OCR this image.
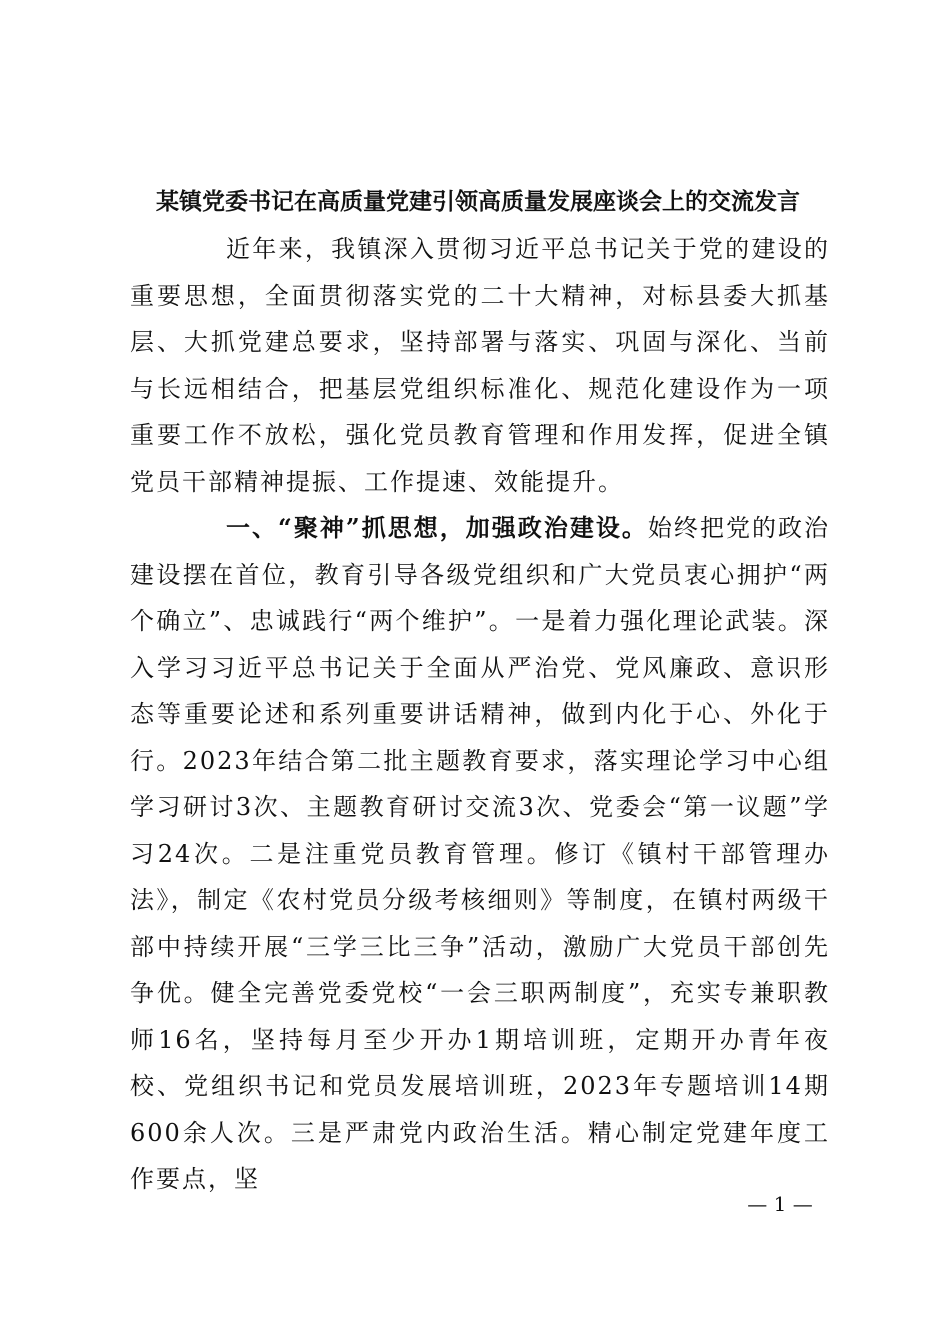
某镇党委书记在高质量党建引领高质量发展座谈会上的交流发言

近年来，我镇深入贯彻习近平总书记关于党的建设的重要思想，全面贯彻落实党的二十大精神，对标县委大抓基层、大抓党建总要求，坚持部署与落实、巩固与深化、当前与长远相结合，把基层党组织标准化、规范化建设作为一项重要工作不放松，强化党员教育管理和作用发挥，促进全镇党员干部精神提振、工作提速、效能提升。

一、“聚神”抓思想，加强政治建设。始终把党的政治建设摆在首位，教育引导各级党组织和广大党员衷心拥护“两个确立”、忠诚践行“两个维护”。一是着力强化理论武装。深入学习习近平总书记关于全面从严治党、党风廉政、意识形态等重要论述和系列重要讲话精神，做到内化于心、外化于行。2023年结合第二批主题教育要求，落实理论学习中心组学习研讨3次、主题教育研讨交流3次、党委会“第一议题”学习24次。二是注重党员教育管理。修订《镇村干部管理办法》，制定《农村党员分级考核细则》等制度，在镇村两级干部中持续开展“三学三比三争”活动，激励广大党员干部创先争优。健全完善党委党校“一会三职两制度”，充实专兼职教师16名，坚持每月至少开办1期培训班，定期开办青年夜校、党组织书记和党员发展培训班，2023年专题培训14期600余人次。三是严肃党内政治生活。精心制定党建年度工作要点，坚

— 1 —
